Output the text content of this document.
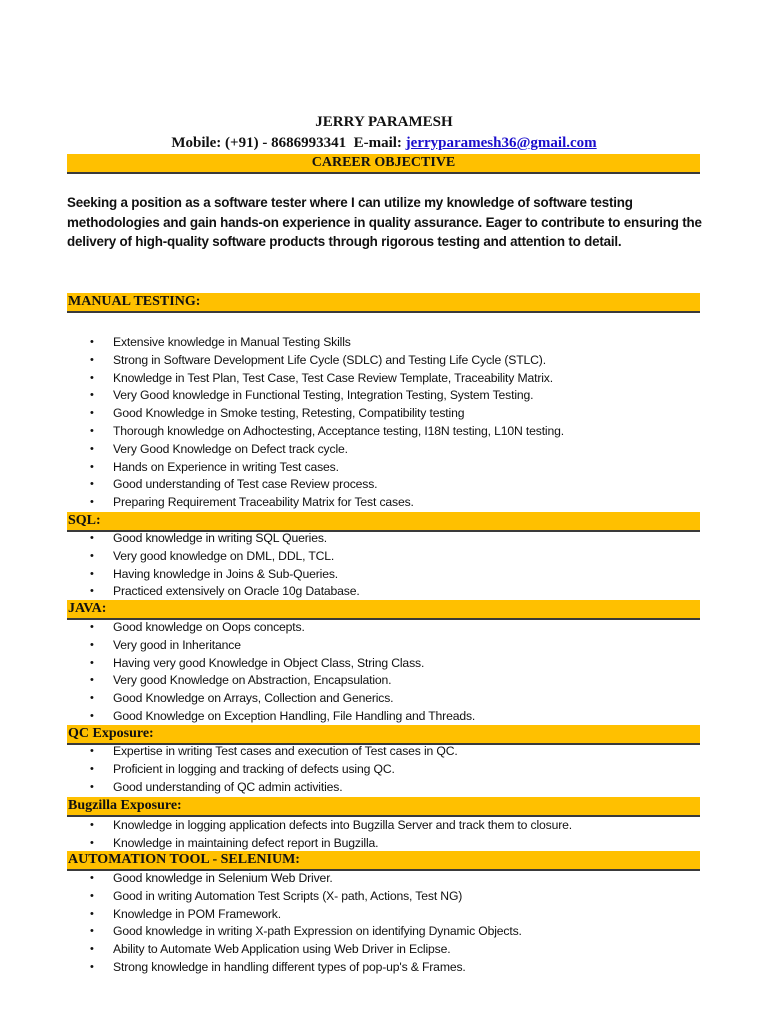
JERRY PARAMESH
Mobile: (+91) - 8686993341  E-mail: jerryparamesh36@gmail.com
CAREER OBJECTIVE
Seeking a position as a software tester where I can utilize my knowledge of software testing methodologies and gain hands-on experience in quality assurance. Eager to contribute to ensuring the delivery of high-quality software products through rigorous testing and attention to detail.
MANUAL TESTING:
• Extensive knowledge in Manual Testing Skills
• Strong in Software Development Life Cycle (SDLC) and Testing Life Cycle (STLC).
• Knowledge in Test Plan, Test Case, Test Case Review Template, Traceability Matrix.
• Very Good knowledge in Functional Testing, Integration Testing, System Testing.
• Good Knowledge in Smoke testing, Retesting, Compatibility testing
• Thorough knowledge on Adhoctesting, Acceptance testing, I18N testing, L10N testing.
• Very Good Knowledge on Defect track cycle.
• Hands on Experience in writing Test cases.
• Good understanding of Test case Review process.
• Preparing Requirement Traceability Matrix for Test cases.
SQL:
• Good knowledge in writing SQL Queries.
• Very good knowledge on DML, DDL, TCL.
• Having knowledge in Joins & Sub-Queries.
• Practiced extensively on Oracle 10g Database.
JAVA:
• Good knowledge on Oops concepts.
• Very good in Inheritance
• Having very good Knowledge in Object Class, String Class.
• Very good Knowledge on Abstraction, Encapsulation.
• Good Knowledge on Arrays, Collection and Generics.
• Good Knowledge on Exception Handling, File Handling and Threads.
QC Exposure:
• Expertise in writing Test cases and execution of Test cases in QC.
• Proficient in logging and tracking of defects using QC.
• Good understanding of QC admin activities.
Bugzilla Exposure:
• Knowledge in logging application defects into Bugzilla Server and track them to closure.
• Knowledge in maintaining defect report in Bugzilla.
AUTOMATION TOOL - SELENIUM:
• Good knowledge in Selenium Web Driver.
• Good in writing Automation Test Scripts (X- path, Actions, Test NG)
• Knowledge in POM Framework.
• Good knowledge in writing X-path Expression on identifying Dynamic Objects.
• Ability to Automate Web Application using Web Driver in Eclipse.
• Strong knowledge in handling different types of pop-up's & Frames.
